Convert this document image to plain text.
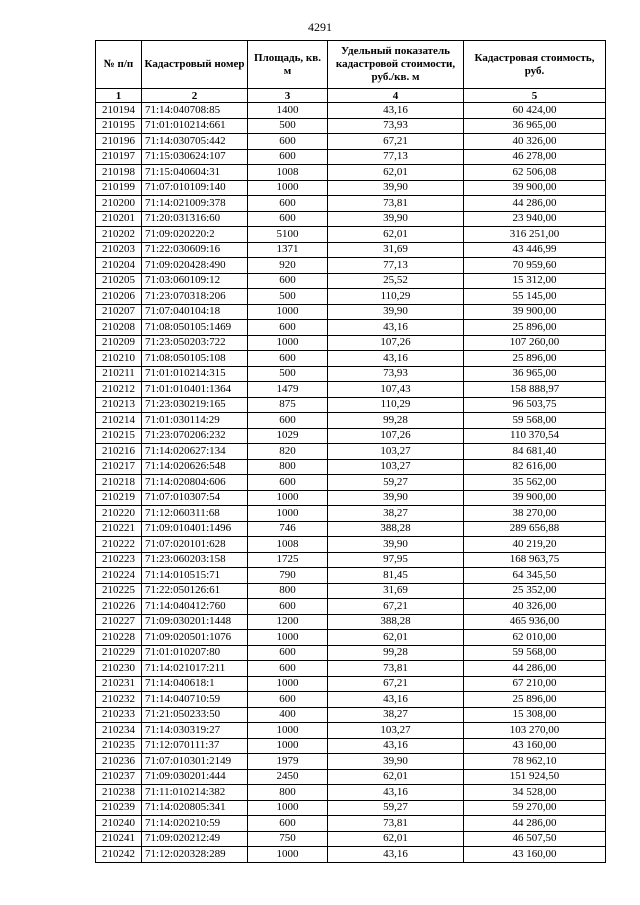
4291
№ п/п	Кадастровый номер	Площадь, кв. м	Удельный показатель кадастровой стоимости, руб./кв. м	Кадастровая стоимость, руб.
1	2	3	4	5
210194	71:14:040708:85	1400	43,16	60 424,00
210195	71:01:010214:661	500	73,93	36 965,00
210196	71:14:030705:442	600	67,21	40 326,00
210197	71:15:030624:107	600	77,13	46 278,00
210198	71:15:040604:31	1008	62,01	62 506,08
210199	71:07:010109:140	1000	39,90	39 900,00
210200	71:14:021009:378	600	73,81	44 286,00
210201	71:20:031316:60	600	39,90	23 940,00
210202	71:09:020220:2	5100	62,01	316 251,00
210203	71:22:030609:16	1371	31,69	43 446,99
210204	71:09:020428:490	920	77,13	70 959,60
210205	71:03:060109:12	600	25,52	15 312,00
210206	71:23:070318:206	500	110,29	55 145,00
210207	71:07:040104:18	1000	39,90	39 900,00
210208	71:08:050105:1469	600	43,16	25 896,00
210209	71:23:050203:722	1000	107,26	107 260,00
210210	71:08:050105:108	600	43,16	25 896,00
210211	71:01:010214:315	500	73,93	36 965,00
210212	71:01:010401:1364	1479	107,43	158 888,97
210213	71:23:030219:165	875	110,29	96 503,75
210214	71:01:030114:29	600	99,28	59 568,00
210215	71:23:070206:232	1029	107,26	110 370,54
210216	71:14:020627:134	820	103,27	84 681,40
210217	71:14:020626:548	800	103,27	82 616,00
210218	71:14:020804:606	600	59,27	35 562,00
210219	71:07:010307:54	1000	39,90	39 900,00
210220	71:12:060311:68	1000	38,27	38 270,00
210221	71:09:010401:1496	746	388,28	289 656,88
210222	71:07:020101:628	1008	39,90	40 219,20
210223	71:23:060203:158	1725	97,95	168 963,75
210224	71:14:010515:71	790	81,45	64 345,50
210225	71:22:050126:61	800	31,69	25 352,00
210226	71:14:040412:760	600	67,21	40 326,00
210227	71:09:030201:1448	1200	388,28	465 936,00
210228	71:09:020501:1076	1000	62,01	62 010,00
210229	71:01:010207:80	600	99,28	59 568,00
210230	71:14:021017:211	600	73,81	44 286,00
210231	71:14:040618:1	1000	67,21	67 210,00
210232	71:14:040710:59	600	43,16	25 896,00
210233	71:21:050233:50	400	38,27	15 308,00
210234	71:14:030319:27	1000	103,27	103 270,00
210235	71:12:070111:37	1000	43,16	43 160,00
210236	71:07:010301:2149	1979	39,90	78 962,10
210237	71:09:030201:444	2450	62,01	151 924,50
210238	71:11:010214:382	800	43,16	34 528,00
210239	71:14:020805:341	1000	59,27	59 270,00
210240	71:14:020210:59	600	73,81	44 286,00
210241	71:09:020212:49	750	62,01	46 507,50
210242	71:12:020328:289	1000	43,16	43 160,00
